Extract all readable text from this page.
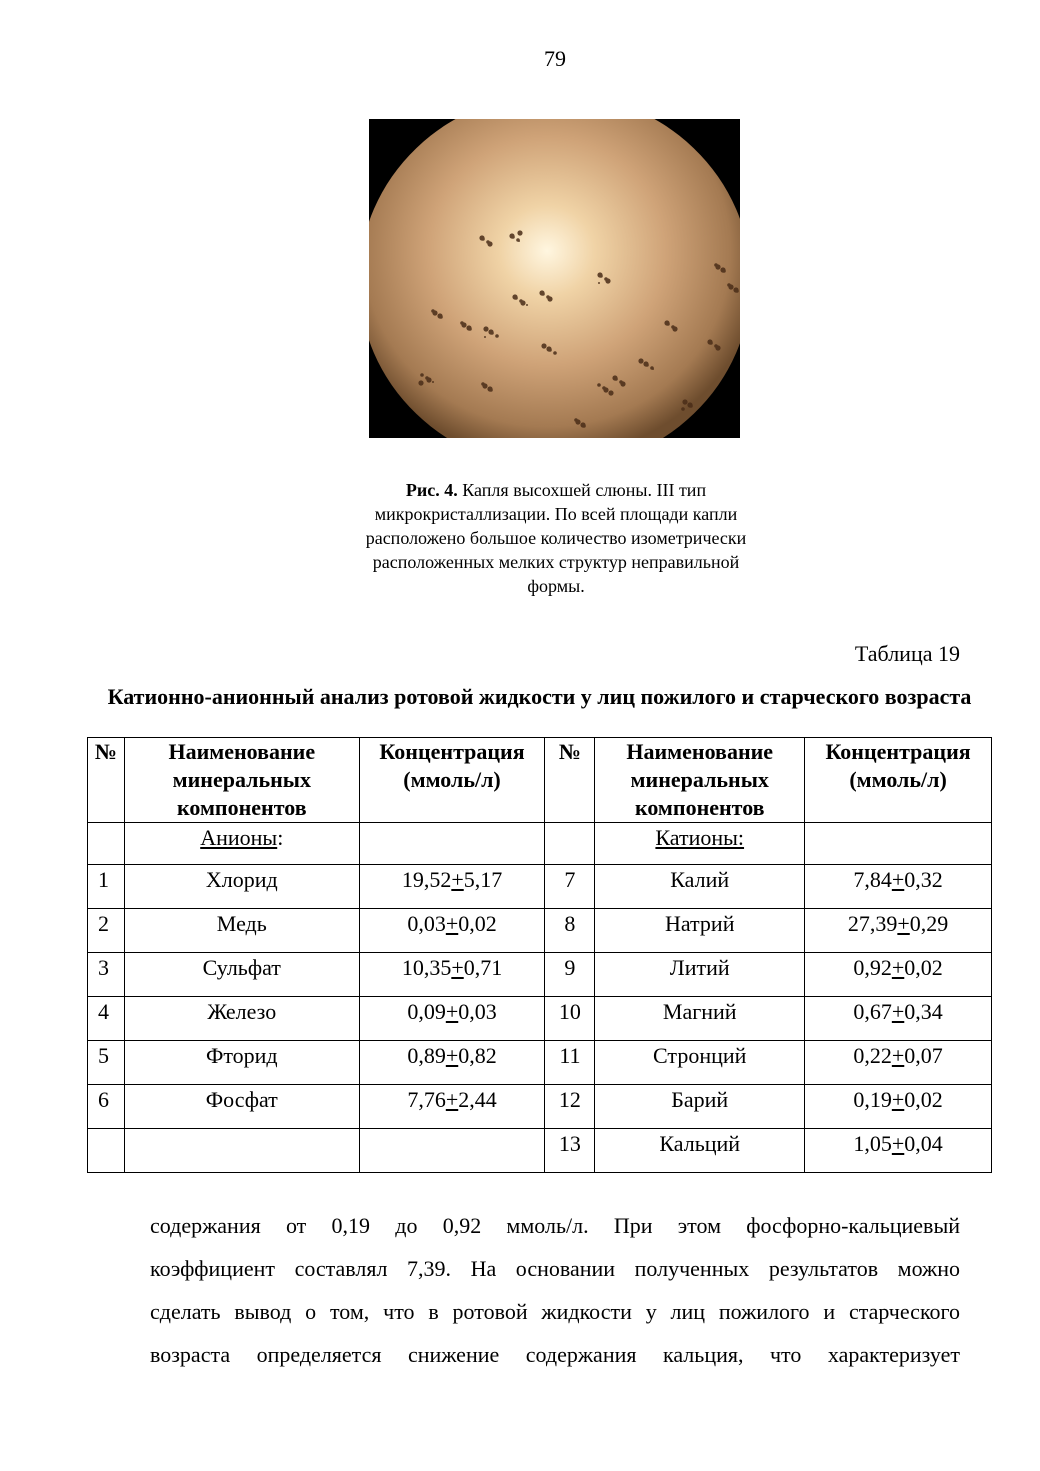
79
Рис. 4. Капля высохшей слюны. III тип микрокристаллизации. По всей площади капли расположено большое количество изометрически расположенных мелких структур неправильной формы.
Таблица 19
Катионно-анионный анализ ротовой жидкости у лиц пожилого и старческого возраста
№	Наименование минеральных компонентов	Концентрация (ммоль/л)	№	Наименование минеральных компонентов	Концентрация (ммоль/л)
	Анионы:			Катионы:	
1	Хлорид	19,52+5,17	7	Калий	7,84+0,32
2	Медь	0,03+0,02	8	Натрий	27,39+0,29
3	Сульфат	10,35+0,71	9	Литий	0,92+0,02
4	Железо	0,09+0,03	10	Магний	0,67+0,34
5	Фторид	0,89+0,82	11	Стронций	0,22+0,07
6	Фосфат	7,76+2,44	12	Барий	0,19+0,02
			13	Кальций	1,05+0,04
содержания от 0,19 до 0,92 ммоль/л. При этом фосфорно-кальциевый
коэффициент составлял 7,39. На основании полученных результатов можно
сделать вывод о том, что в ротовой жидкости у лиц пожилого и старческого
возраста определяется снижение содержания кальция, что характеризует
